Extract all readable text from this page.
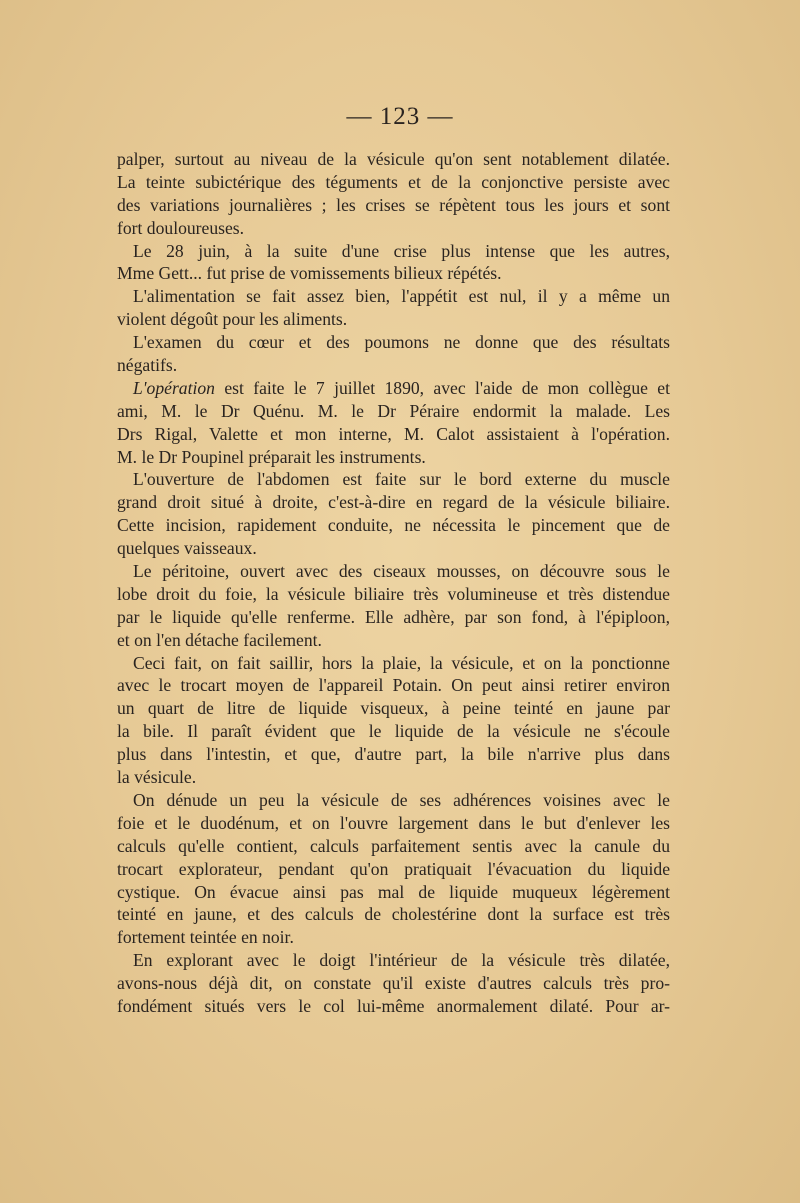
— 123 —
palper, surtout au niveau de la vésicule qu'on sent notablement dilatée.
La teinte subictérique des téguments et de la conjonctive persiste avec
des variations journalières ; les crises se répètent tous les jours et sont
fort douloureuses.
Le 28 juin, à la suite d'une crise plus intense que les autres,
Mme Gett... fut prise de vomissements bilieux répétés.
L'alimentation se fait assez bien, l'appétit est nul, il y a même un
violent dégoût pour les aliments.
L'examen du cœur et des poumons ne donne que des résultats
négatifs.
L'opération est faite le 7 juillet 1890, avec l'aide de mon collègue et
ami, M. le Dr Quénu. M. le Dr Péraire endormit la malade. Les
Drs Rigal, Valette et mon interne, M. Calot assistaient à l'opération.
M. le Dr Poupinel préparait les instruments.
L'ouverture de l'abdomen est faite sur le bord externe du muscle
grand droit situé à droite, c'est-à-dire en regard de la vésicule biliaire.
Cette incision, rapidement conduite, ne nécessita le pincement que de
quelques vaisseaux.
Le péritoine, ouvert avec des ciseaux mousses, on découvre sous le
lobe droit du foie, la vésicule biliaire très volumineuse et très distendue
par le liquide qu'elle renferme. Elle adhère, par son fond, à l'épiploon,
et on l'en détache facilement.
Ceci fait, on fait saillir, hors la plaie, la vésicule, et on la ponctionne
avec le trocart moyen de l'appareil Potain. On peut ainsi retirer environ
un quart de litre de liquide visqueux, à peine teinté en jaune par
la bile. Il paraît évident que le liquide de la vésicule ne s'écoule
plus dans l'intestin, et que, d'autre part, la bile n'arrive plus dans
la vésicule.
On dénude un peu la vésicule de ses adhérences voisines avec le
foie et le duodénum, et on l'ouvre largement dans le but d'enlever les
calculs qu'elle contient, calculs parfaitement sentis avec la canule du
trocart explorateur, pendant qu'on pratiquait l'évacuation du liquide
cystique. On évacue ainsi pas mal de liquide muqueux légèrement
teinté en jaune, et des calculs de cholestérine dont la surface est très
fortement teintée en noir.
En explorant avec le doigt l'intérieur de la vésicule très dilatée,
avons-nous déjà dit, on constate qu'il existe d'autres calculs très pro-
fondément situés vers le col lui-même anormalement dilaté. Pour ar-
